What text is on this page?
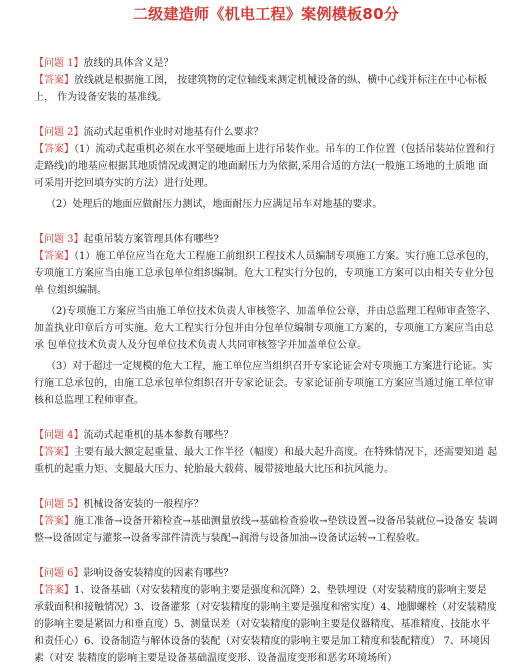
二级建造师《机电工程》案例模板80分

【问题 1】放线的具体含义是？

【答案】放线就是根据施工图， 按建筑物的定位轴线来测定机械设备的纵、横中心线并标注在中心标板上， 作为设备安装的基准线。

【问题 2】流动式起重机作业时对地基有什么要求？

【答案】（1）流动式起重机必须在水平坚硬地面上进行吊装作业。吊车的工作位置（包括吊装站位置和行走路线)的地基应根据其地质情况或测定的地面耐压力为依据,采用合适的方法(一般施工场地的土质地 面可采用开挖回填夯实的方法）进行处理。

（2）处理后的地面应做耐压力测试，地面耐压力应满足吊车对地基的要求。

【问题 3】起重吊装方案管理具体有哪些?

【答案】（1）施工单位应当在危大工程施工前组织工程技术人员编制专项施工方案。实行施工总承包的，专项施工方案应当由施工总承包单位组织编制。危大工程实行分包的，专项施工方案可以由相关专业分包单 位组织编制。

（2)专项施工方案应当由施工单位技术负责人审核签字、加盖单位公章，并由总监理工程师审查签字、 加盖执业印章后方可实施。危大工程实行分包并由分包单位编制专项施工方案的，专项施工方案应当由总承 包单位技术负责人及分包单位技术负责人共同审核签字并加盖单位公章。

（3）对于超过一定规模的危大工程，施工单位应当组织召开专家论证会对专项施工方案进行论证。实行施工总承包的，由施工总承包单位组织召开专家论证会。专家论证前专项施工方案应当通过施工单位审核和总监理工程师审查。

【问题 4】流动式起重机的基本参数有哪些？

【答案】主要有最大额定起重量、最大工作半径（幅度）和最大起升高度。在特殊情况下，还需要知道 起重机的起重力矩、支腿最大压力、轮胎最大载荷、履带接地最大比压和抗风能力。

【问题 5】机械设备安装的一般程序？

【答案】施工准备→设备开箱检查→基础测量放线→基础检查验收→垫铁设置→设备吊装就位→设备安 装调整→设备固定与灌浆→设备零部件清洗与装配→润滑与设备加油→设备试运转→工程验收。

【问题 6】影响设备安装精度的因素有哪些？

【答案】1、设备基础（对安装精度的影响主要是强度和沉降）2、垫铁埋设（对安装精度的影响主要是 承载面积和接触情况）3、设备灌浆（对安装精度的影响主要是强度和密实度）4、地脚螺栓（对安装精度的影响主要是紧固力和垂直度）5、测量误差（对安装精度的影响主要是仪器精度、基准精度、技能水平和责任心）6、设备制造与解体设备的装配（对安装精度的影响主要是加工精度和装配精度） 7、环境因素（对安 装精度的影响主要是设备基础温度变形、设备温度变形和恶劣环境场所）
